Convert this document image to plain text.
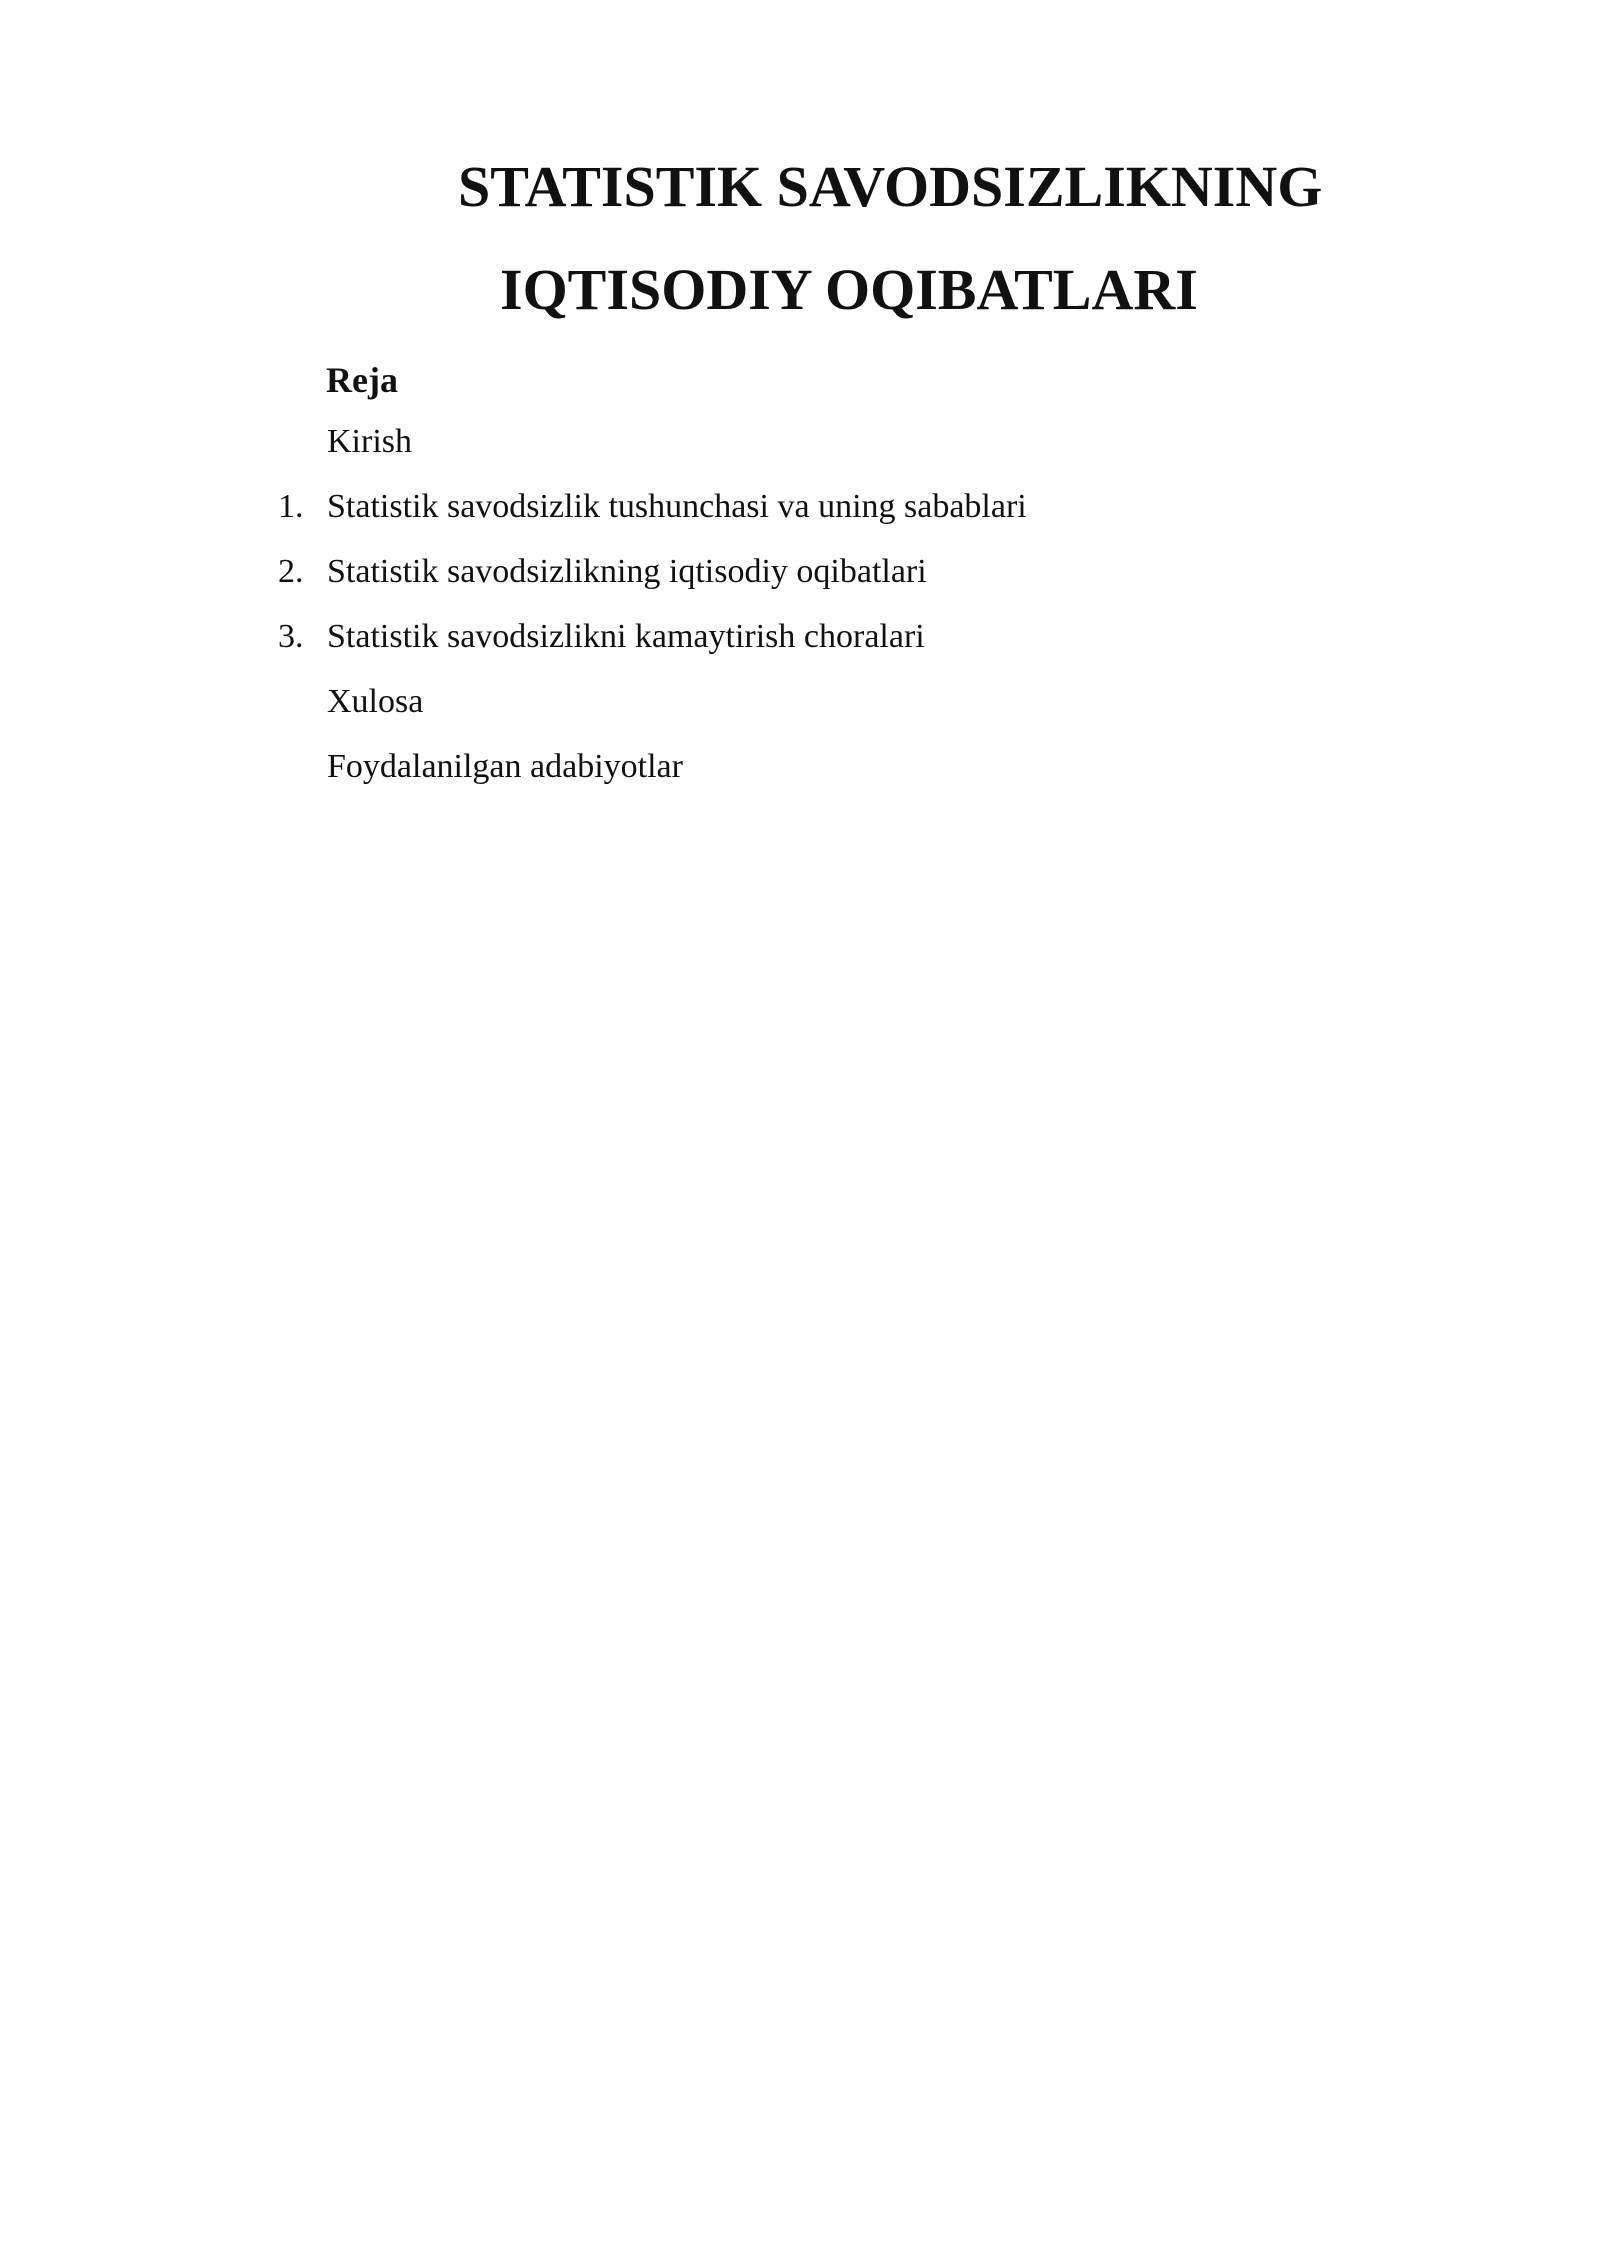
STATISTIK SAVODSIZLIKNING
IQTISODIY OQIBATLARI
Reja
Kirish
1. Statistik savodsizlik tushunchasi va uning sabablari
2. Statistik savodsizlikning iqtisodiy oqibatlari
3. Statistik savodsizlikni kamaytirish choralari
Xulosa
Foydalanilgan adabiyotlar
